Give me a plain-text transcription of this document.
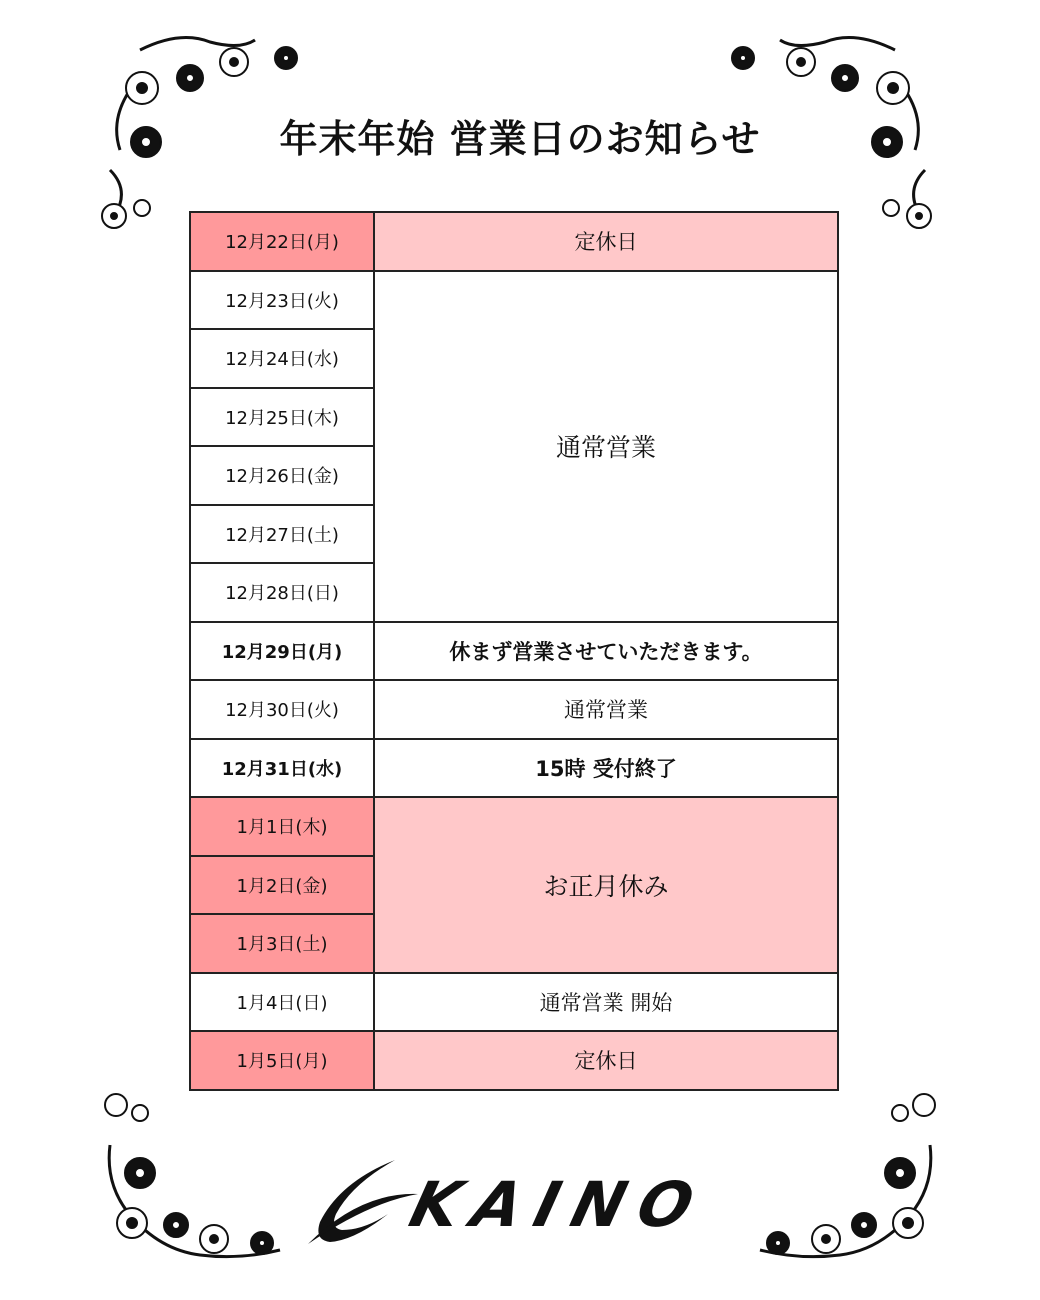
年末年始 営業日のお知らせ
12月22日(月)	定休日
12月23日(火)	通常営業
12月24日(水)	
12月25日(木)	
12月26日(金)	
12月27日(土)	
12月28日(日)	
12月29日(月)	休まず営業させていただきます。
12月30日(火)	通常営業
12月31日(水)	15時 受付終了
1月1日(木)	お正月休み
1月2日(金)	
1月3日(土)	
1月4日(日)	通常営業 開始
1月5日(月)	定休日
KAINO
